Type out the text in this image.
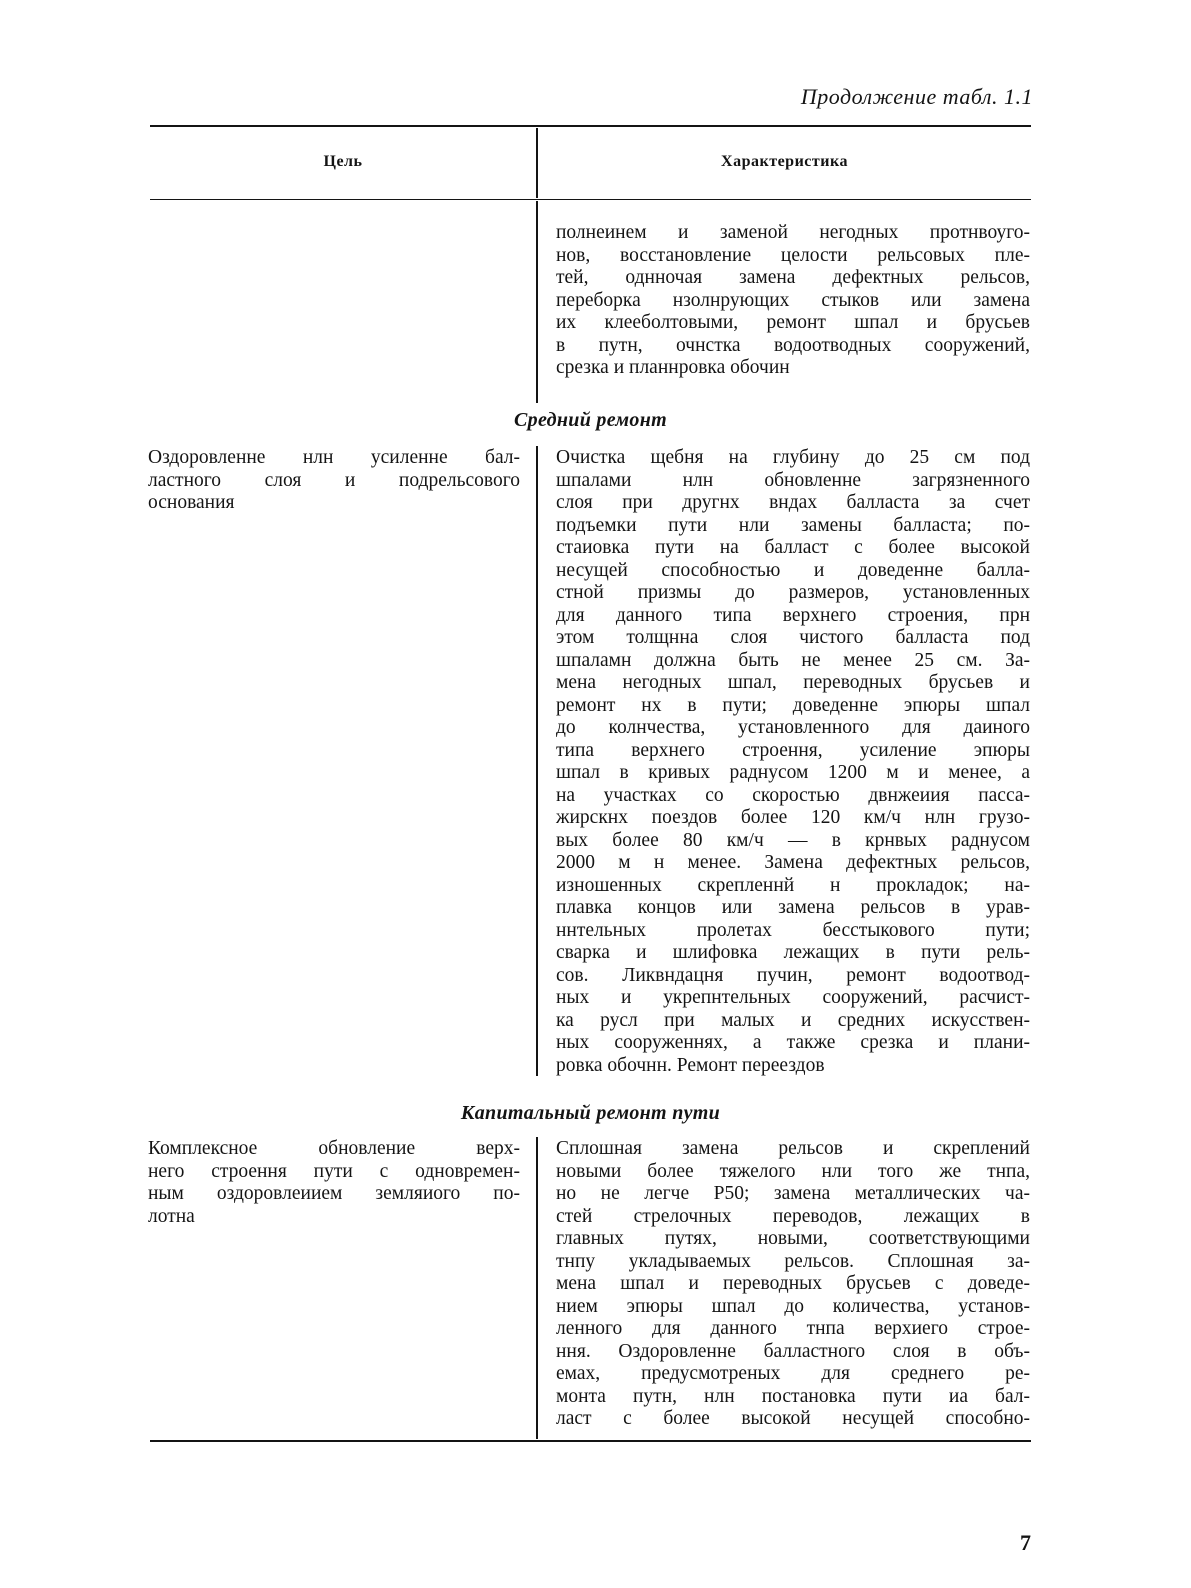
Продолжение табл. 1.1
Цель	Характеристика

полнеинем и заменой негодных протнвоуго-

нов, восстановление целости рельсовых пле-

тей, однночая замена дефектных рельсов,

переборка нзолнрующих стыков или замена

их клееболтовыми, ремонт шпал и брусьев

в путн, очнстка водоотводных сооружений,

срезка и планнровка обочин

Средний ремонт

Оздоровленне нлн усиленне бал-

ластного слоя и подрельсового

основания

Очистка щебня на глубину до 25 см под

шпалами нлн обновленне загрязненного

слоя при другнх вндах балласта за счет

подъемки пути нли замены балласта; по-

стаиовка пути на балласт с более высокой

несущей способностью и доведенне балла-

стной призмы до размеров, установленных

для данного типа верхнего строения, прн

этом толщнна слоя чистого балласта под

шпаламн должна быть не менее 25 см. За-

мена негодных шпал, переводных брусьев и

ремонт нх в пути; доведенне эпюры шпал

до колнчества, установленного для даиного

типа верхнего строення, усиление эпюры

шпал в кривых раднусом 1200 м и менее, а

на участках со скоростью двнжеиия пасса-

жирскнх поездов более 120 км/ч нлн грузо-

вых более 80 км/ч — в крнвых раднусом

2000 м н менее. Замена дефектных рельсов,

изношенных скрепленнй н прокладок; на-

плавка концов или замена рельсов в урав-

ннтельных пролетах бесстыкового пути;

сварка и шлифовка лежащих в пути рель-

сов. Ликвндацня пучин, ремонт водоотвод-

ных и укрепнтельных сооружений, расчист-

ка русл при малых и средних искусствен-

ных сооруженнях, а также срезка и плани-

ровка обочнн. Ремонт переездов

Капитальный ремонт пути

Комплексное обновление верх-

него строення пути с одновремен-

ным оздоровлеиием земляиого по-

лотна

Сплошная замена рельсов и скреплений

новыми более тяжелого нли того же тнпа,

но не легче Р50; замена металлических ча-

стей стрелочных переводов, лежащих в

главных путях, новыми, соответствующими

тнпу укладываемых рельсов. Сплошная за-

мена шпал и переводных брусьев с доведе-

нием эпюры шпал до количества, установ-

ленного для данного тнпа верхиего строе-

ння. Оздоровленне балластного слоя в объ-

емах, предусмотреных для среднего ре-

монта путн, нлн постановка пути иа бал-

ласт с более высокой несущей способно-

7
